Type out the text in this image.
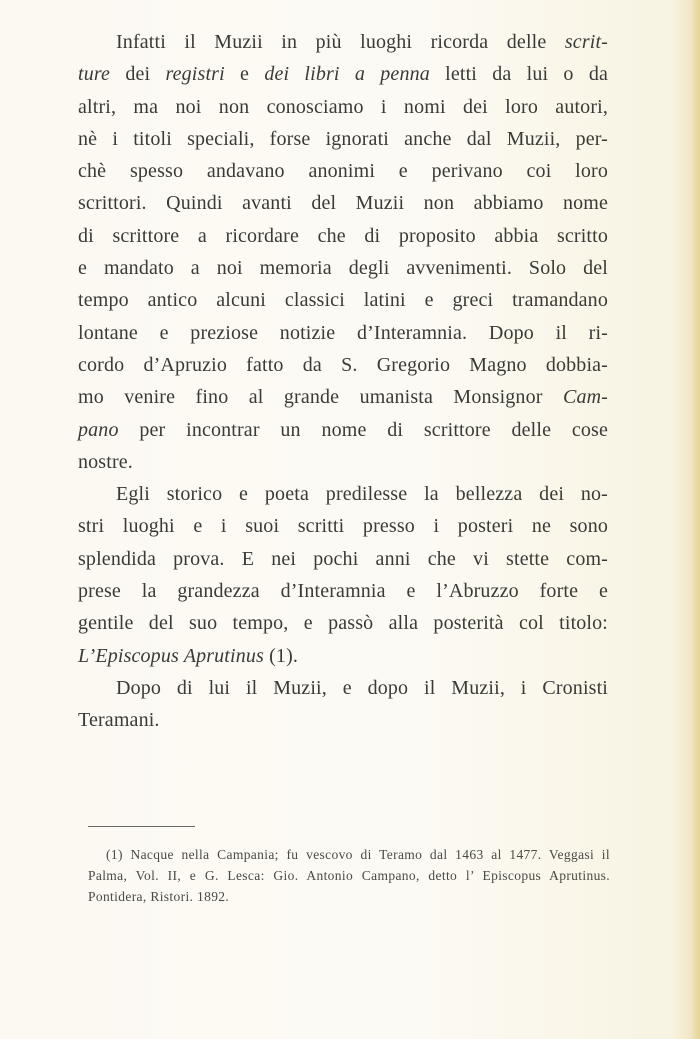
Infatti il Muzii in più luoghi ricorda delle scrit-
ture dei registri e dei libri a penna letti da lui o da
altri, ma noi non conosciamo i nomi dei loro autori,
nè i titoli speciali, forse ignorati anche dal Muzii, per-
chè spesso andavano anonimi e perivano coi loro
scrittori. Quindi avanti del Muzii non abbiamo nome
di scrittore a ricordare che di proposito abbia scritto
e mandato a noi memoria degli avvenimenti. Solo del
tempo antico alcuni classici latini e greci tramandano
lontane e preziose notizie d’Interamnia. Dopo il ri-
cordo d’Apruzio fatto da S. Gregorio Magno dobbia-
mo venire fino al grande umanista Monsignor Cam-
pano per incontrar un nome di scrittore delle cose
nostre.
Egli storico e poeta predilesse la bellezza dei no-
stri luoghi e i suoi scritti presso i posteri ne sono
splendida prova. E nei pochi anni che vi stette com-
prese la grandezza d’Interamnia e l’Abruzzo forte e
gentile del suo tempo, e passò alla posterità col titolo:
L’Episcopus Aprutinus (1).
Dopo di lui il Muzii, e dopo il Muzii, i Cronisti
Teramani.
(1) Nacque nella Campania; fu vescovo di Teramo dal 1463 al 1477. Veggasi il
Palma, Vol. II, e G. Lesca: Gio. Antonio Campano, detto l’ Episcopus Aprutinus.
Pontidera, Ristori. 1892.
